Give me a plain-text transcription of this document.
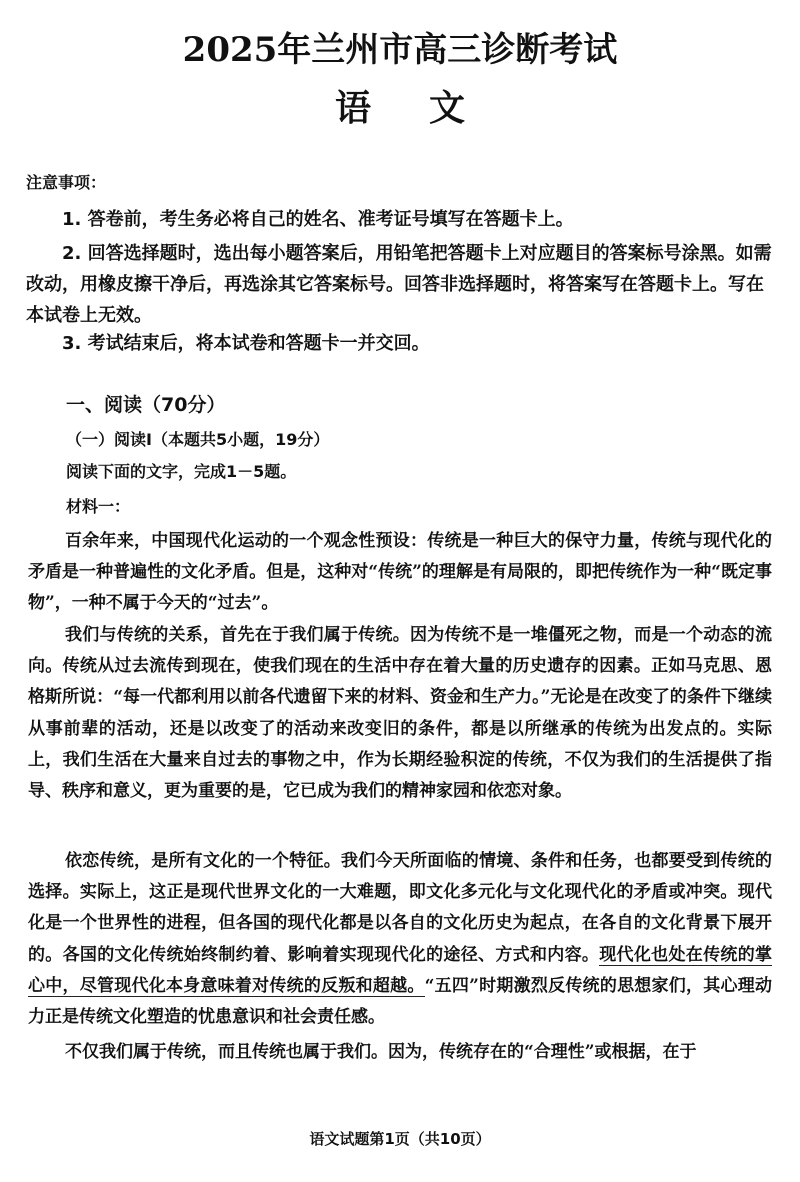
2025年兰州市高三诊断考试
语文
注意事项：
1. 答卷前，考生务必将自己的姓名、准考证号填写在答题卡上。
2. 回答选择题时，选出每小题答案后，用铅笔把答题卡上对应题目的答案标号涂黑。如需改动，用橡皮擦干净后，再选涂其它答案标号。回答非选择题时，将答案写在答题卡上。写在本试卷上无效。
3. 考试结束后，将本试卷和答题卡一并交回。
一、阅读（70分）
（一）阅读Ⅰ（本题共5小题，19分）
阅读下面的文字，完成1－5题。
材料一：
百余年来，中国现代化运动的一个观念性预设：传统是一种巨大的保守力量，传统与现代化的矛盾是一种普遍性的文化矛盾。但是，这种对“传统”的理解是有局限的，即把传统作为一种“既定事物”，一种不属于今天的“过去”。
我们与传统的关系，首先在于我们属于传统。因为传统不是一堆僵死之物，而是一个动态的流向。传统从过去流传到现在，使我们现在的生活中存在着大量的历史遗存的因素。正如马克思、恩格斯所说：“每一代都利用以前各代遗留下来的材料、资金和生产力。”无论是在改变了的条件下继续从事前辈的活动，还是以改变了的活动来改变旧的条件，都是以所继承的传统为出发点的。实际上，我们生活在大量来自过去的事物之中，作为长期经验积淀的传统，不仅为我们的生活提供了指导、秩序和意义，更为重要的是，它已成为我们的精神家园和依恋对象。
依恋传统，是所有文化的一个特征。我们今天所面临的情境、条件和任务，也都要受到传统的选择。实际上，这正是现代世界文化的一大难题，即文化多元化与文化现代化的矛盾或冲突。现代化是一个世界性的进程，但各国的现代化都是以各自的文化历史为起点，在各自的文化背景下展开的。各国的文化传统始终制约着、影响着实现现代化的途径、方式和内容。现代化也处在传统的掌心中，尽管现代化本身意味着对传统的反叛和超越。“五四”时期激烈反传统的思想家们，其心理动力正是传统文化塑造的忧患意识和社会责任感。
不仅我们属于传统，而且传统也属于我们。因为，传统存在的“合理性”或根据，在于
语文试题第1页（共10页）
